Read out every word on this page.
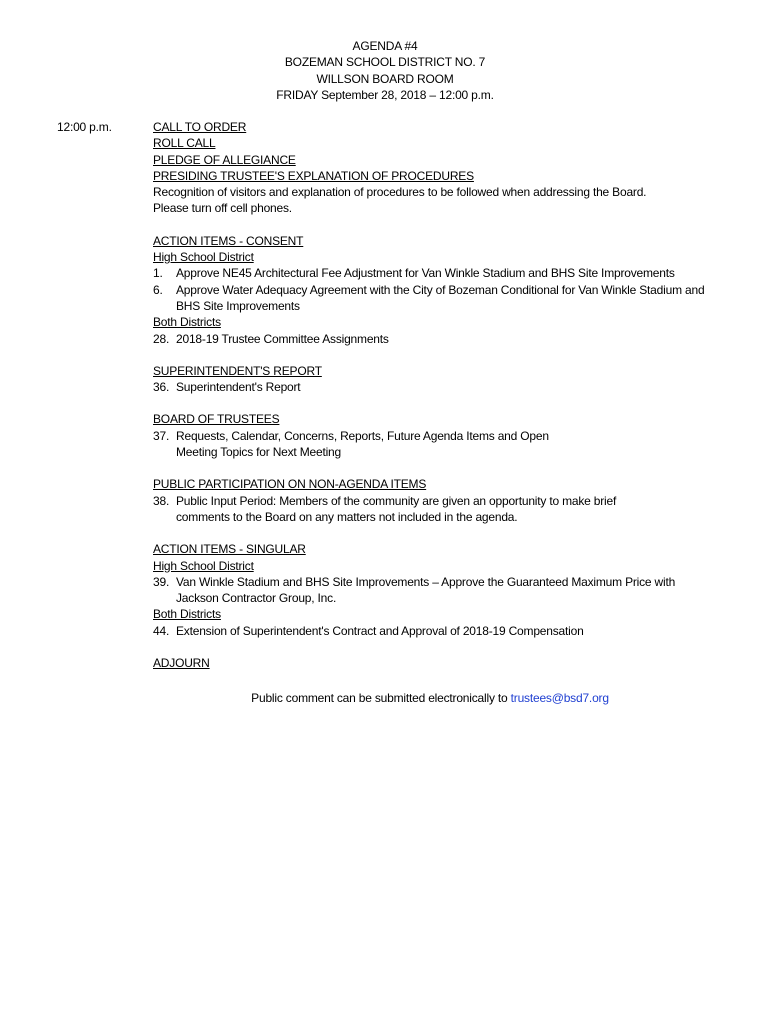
AGENDA #4
BOZEMAN SCHOOL DISTRICT NO. 7
WILLSON BOARD ROOM
FRIDAY September 28, 2018 – 12:00 p.m.
12:00 p.m.	CALL TO ORDER
ROLL CALL
PLEDGE OF ALLEGIANCE
PRESIDING TRUSTEE'S EXPLANATION OF PROCEDURES
Recognition of visitors and explanation of procedures to be followed when addressing the Board.
Please turn off cell phones.
ACTION ITEMS - CONSENT
High School District
1.	Approve NE45 Architectural Fee Adjustment for Van Winkle Stadium and BHS Site Improvements
6.	Approve Water Adequacy Agreement with the City of Bozeman Conditional for Van Winkle Stadium and
BHS Site Improvements
Both Districts
28. 2018-19 Trustee Committee Assignments
SUPERINTENDENT'S REPORT
36. Superintendent's Report
BOARD OF TRUSTEES
37. Requests, Calendar, Concerns, Reports, Future Agenda Items and Open
Meeting Topics for Next Meeting
PUBLIC PARTICIPATION ON NON-AGENDA ITEMS
38. Public Input Period: Members of the community are given an opportunity to make brief
comments to the Board on any matters not included in the agenda.
ACTION ITEMS - SINGULAR
High School District
39. Van Winkle Stadium and BHS Site Improvements – Approve the Guaranteed Maximum Price with
Jackson Contractor Group, Inc.
Both Districts
44. Extension of Superintendent's Contract and Approval of 2018-19 Compensation
ADJOURN
Public comment can be submitted electronically to trustees@bsd7.org
